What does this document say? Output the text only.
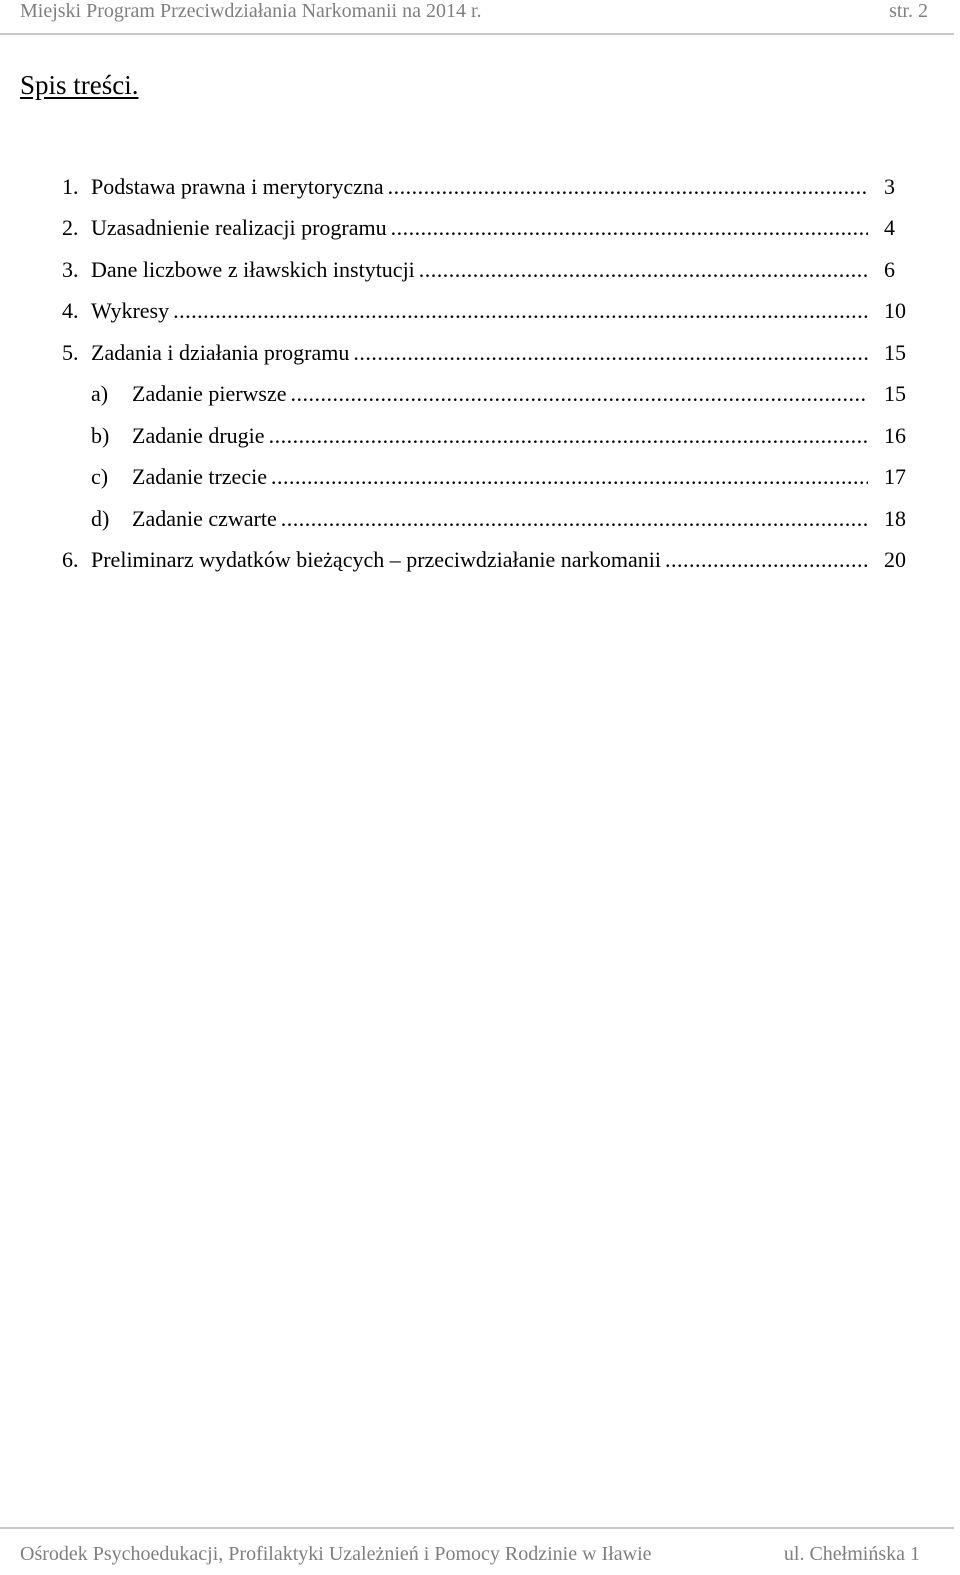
Miejski Program Przeciwdziałania Narkomanii na 2014 r.	str. 2
Spis treści.
1. Podstawa prawna i merytoryczna .....	3
2. Uzasadnienie realizacji programu .....	4
3. Dane liczbowe z iławskich instytucji .....	6
4. Wykresy .....	10
5. Zadania i działania programu .....	15
a) Zadanie pierwsze .....	15
b) Zadanie drugie .....	16
c) Zadanie trzecie .....	17
d) Zadanie czwarte .....	18
6. Preliminarz wydatków bieżących – przeciwdziałanie narkomanii .....	20
Ośrodek Psychoedukacji, Profilaktyki Uzależnień i Pomocy Rodzinie w Iławie	ul. Chełmińska 1
